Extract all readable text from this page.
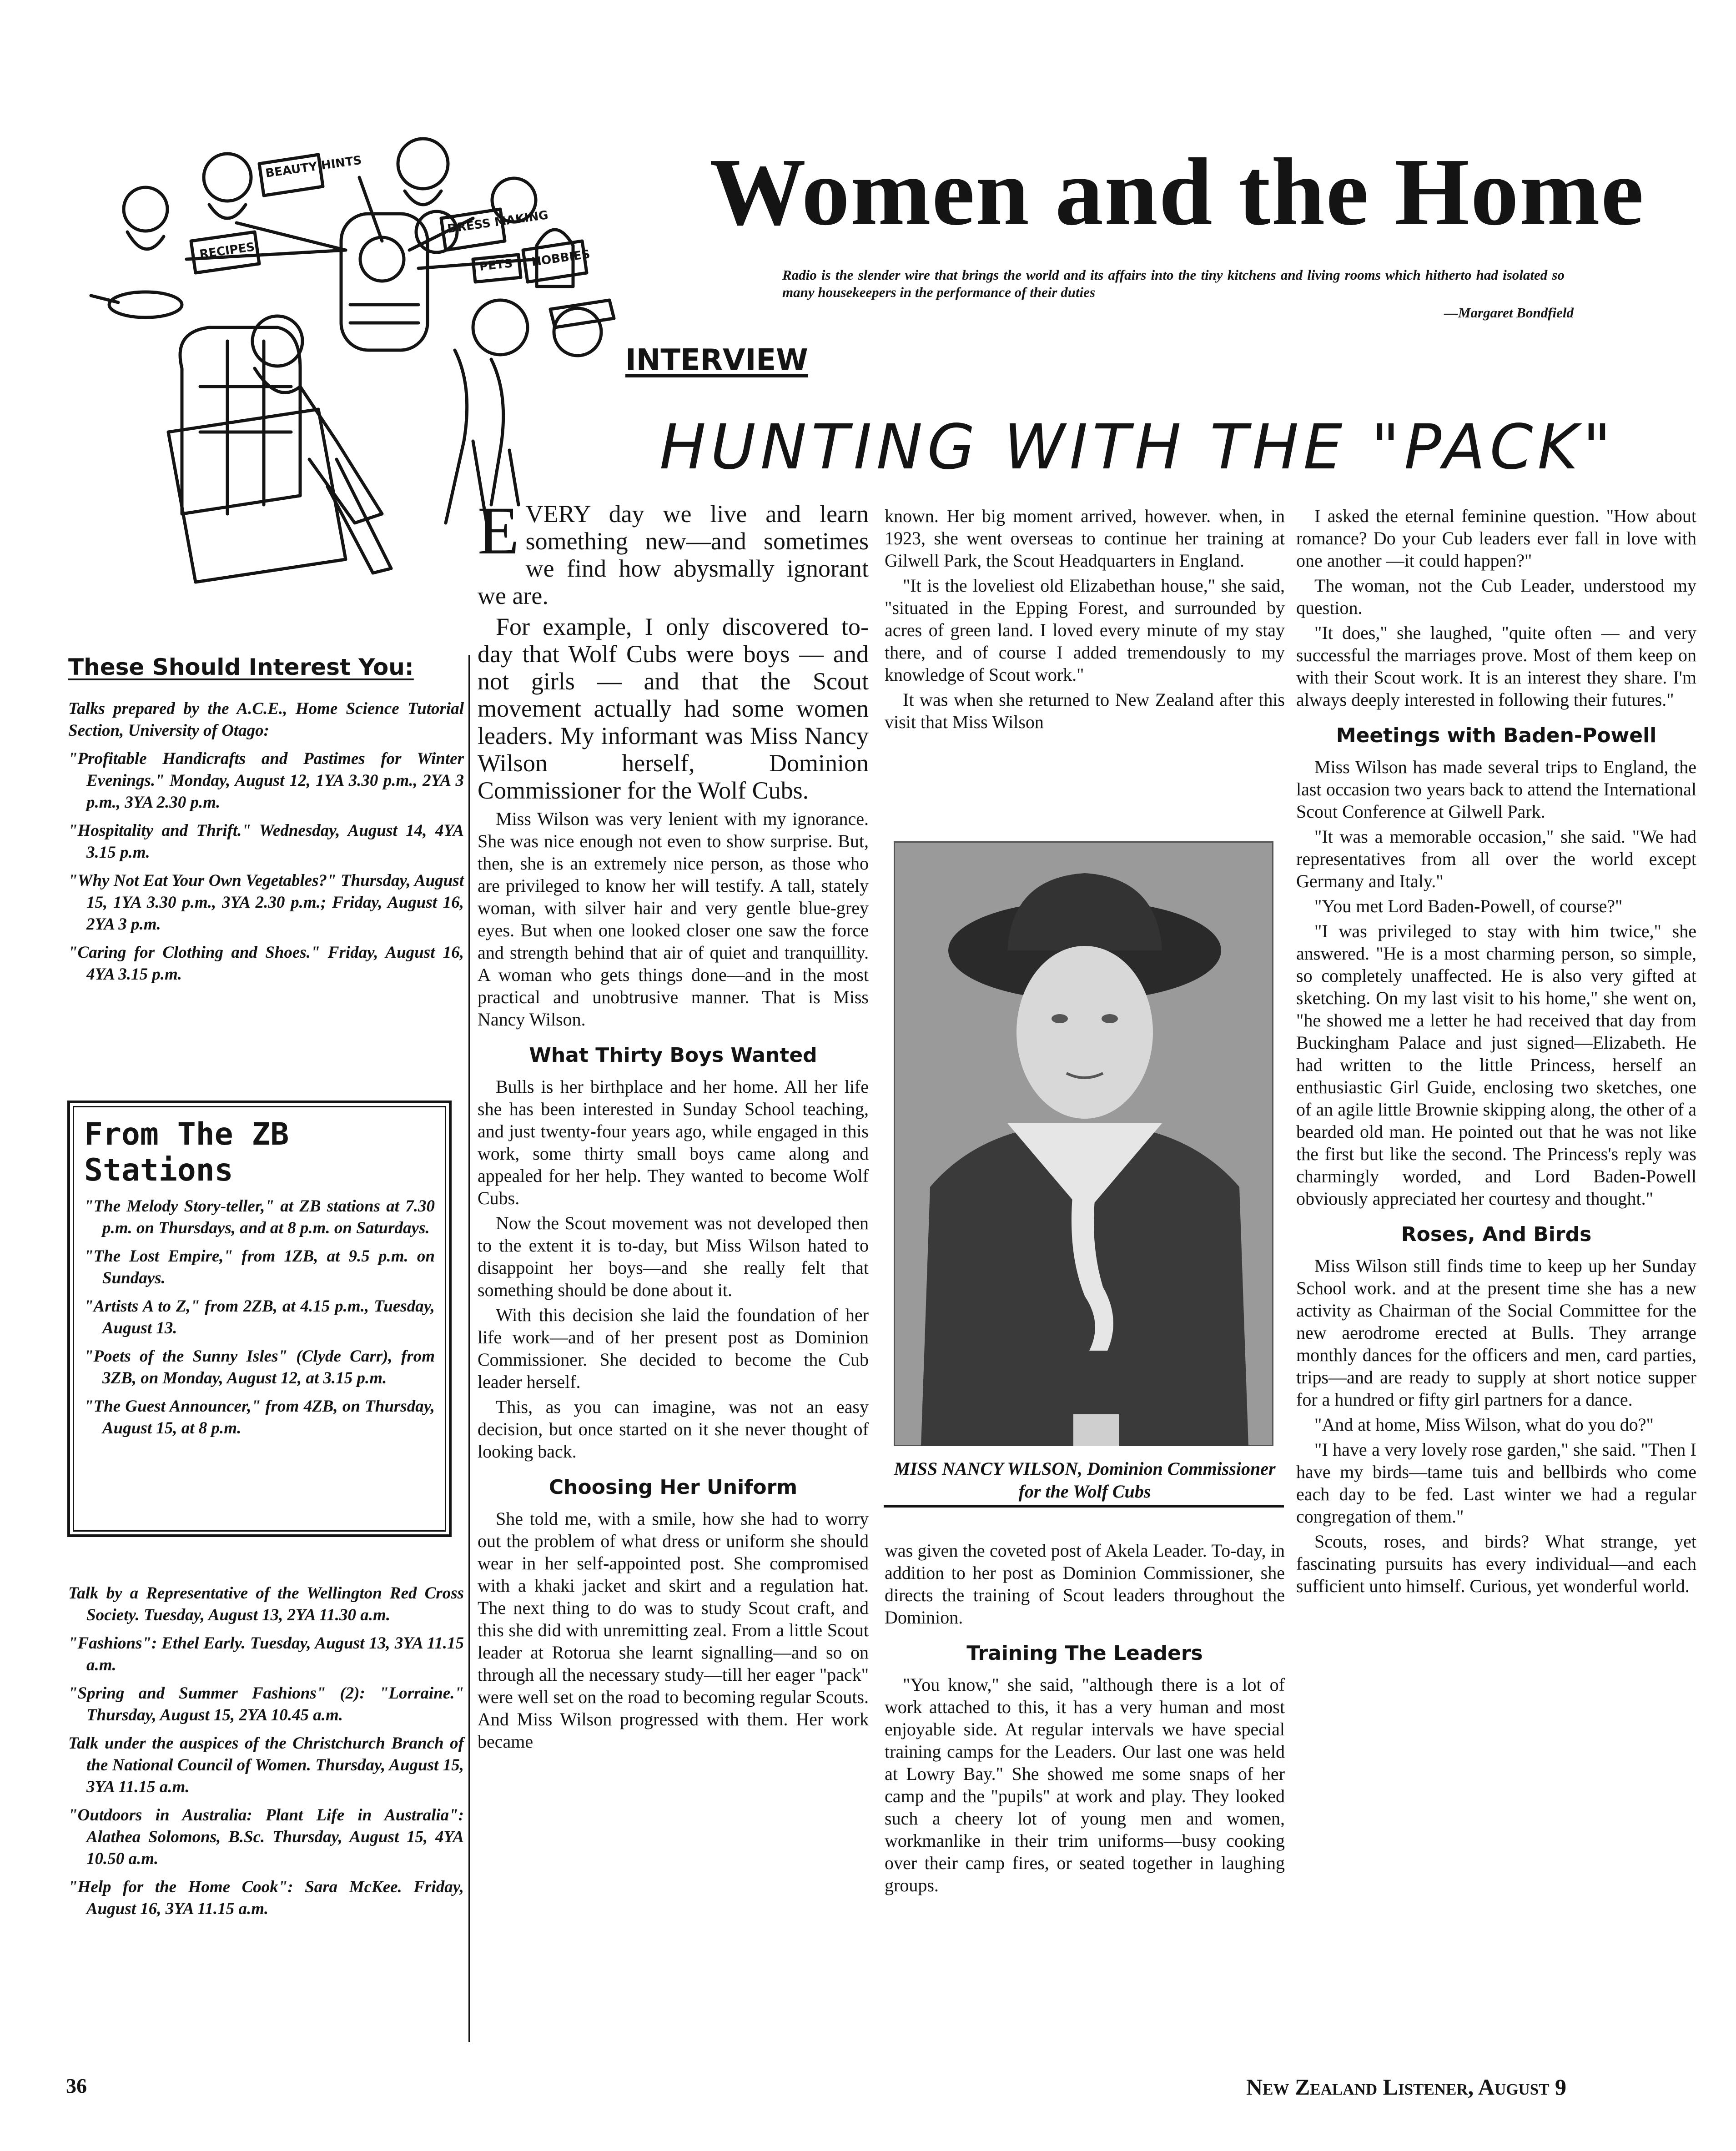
BEAUTY HINTS
RECIPES
DRESS MAKING
PETS HOBBIES
Women and the Home
Radio is the slender wire that brings the world and its affairs into the tiny kitchens and living rooms which hitherto had isolated so many housekeepers in the performance of their duties
—Margaret Bondfield
INTERVIEW
HUNTING WITH THE "PACK"
These Should Interest You:

Talks prepared by the A.C.E., Home Science Tutorial Section, University of Otago:

"Profitable Handicrafts and Pastimes for Winter Evenings." Monday, August 12, 1YA 3.30 p.m., 2YA 3 p.m., 3YA 2.30 p.m.

"Hospitality and Thrift." Wednesday, August 14, 4YA 3.15 p.m.

"Why Not Eat Your Own Vegetables?" Thursday, August 15, 1YA 3.30 p.m., 3YA 2.30 p.m.; Friday, August 16, 2YA 3 p.m.

"Caring for Clothing and Shoes." Friday, August 16, 4YA 3.15 p.m.

From The ZB Stations

"The Melody Story-teller," at ZB stations at 7.30 p.m. on Thursdays, and at 8 p.m. on Saturdays.

"The Lost Empire," from 1ZB, at 9.5 p.m. on Sundays.

"Artists A to Z," from 2ZB, at 4.15 p.m., Tuesday, August 13.

"Poets of the Sunny Isles" (Clyde Carr), from 3ZB, on Monday, August 12, at 3.15 p.m.

"The Guest Announcer," from 4ZB, on Thursday, August 15, at 8 p.m.

Talk by a Representative of the Wellington Red Cross Society. Tuesday, August 13, 2YA 11.30 a.m.

"Fashions": Ethel Early. Tuesday, August 13, 3YA 11.15 a.m.

"Spring and Summer Fashions" (2): "Lorraine." Thursday, August 15, 2YA 10.45 a.m.

Talk under the auspices of the Christchurch Branch of the National Council of Women. Thursday, August 15, 3YA 11.15 a.m.

"Outdoors in Australia: Plant Life in Australia": Alathea Solomons, B.Sc. Thursday, August 15, 4YA 10.50 a.m.

"Help for the Home Cook": Sara McKee. Friday, August 16, 3YA 11.15 a.m.

EVERY day we live and learn something new—and sometimes we find how abysmally ignorant we are.

For example, I only discovered to-day that Wolf Cubs were boys — and not girls — and that the Scout movement actually had some women leaders. My informant was Miss Nancy Wilson herself, Dominion Commissioner for the Wolf Cubs.

Miss Wilson was very lenient with my ignorance. She was nice enough not even to show surprise. But, then, she is an extremely nice person, as those who are privileged to know her will testify. A tall, stately woman, with silver hair and very gentle blue-grey eyes. But when one looked closer one saw the force and strength behind that air of quiet and tranquillity. A woman who gets things done—and in the most practical and unobtrusive manner. That is Miss Nancy Wilson.

What Thirty Boys Wanted

Bulls is her birthplace and her home. All her life she has been interested in Sunday School teaching, and just twenty-four years ago, while engaged in this work, some thirty small boys came along and appealed for her help. They wanted to become Wolf Cubs.

Now the Scout movement was not developed then to the extent it is to-day, but Miss Wilson hated to disappoint her boys—and she really felt that something should be done about it.

With this decision she laid the foundation of her life work—and of her present post as Dominion Commissioner. She decided to become the Cub leader herself.

This, as you can imagine, was not an easy decision, but once started on it she never thought of looking back.

Choosing Her Uniform

She told me, with a smile, how she had to worry out the problem of what dress or uniform she should wear in her self-appointed post. She compromised with a khaki jacket and skirt and a regulation hat. The next thing to do was to study Scout craft, and this she did with unremitting zeal. From a little Scout leader at Rotorua she learnt signalling—and so on through all the necessary study—till her eager "pack" were well set on the road to becoming regular Scouts. And Miss Wilson progressed with them. Her work became

known. Her big moment arrived, however. when, in 1923, she went overseas to continue her training at Gilwell Park, the Scout Headquarters in England.

"It is the loveliest old Elizabethan house," she said, "situated in the Epping Forest, and surrounded by acres of green land. I loved every minute of my stay there, and of course I added tremendously to my knowledge of Scout work."

It was when she returned to New Zealand after this visit that Miss Wilson

MISS NANCY WILSON, Dominion Commissioner for the Wolf Cubs

was given the coveted post of Akela Leader. To-day, in addition to her post as Dominion Commissioner, she directs the training of Scout leaders throughout the Dominion.

Training The Leaders

"You know," she said, "although there is a lot of work attached to this, it has a very human and most enjoyable side. At regular intervals we have special training camps for the Leaders. Our last one was held at Lowry Bay." She showed me some snaps of her camp and the "pupils" at work and play. They looked such a cheery lot of young men and women, workmanlike in their trim uniforms—busy cooking over their camp fires, or seated together in laughing groups.

I asked the eternal feminine question. "How about romance? Do your Cub leaders ever fall in love with one another —it could happen?"

The woman, not the Cub Leader, understood my question.

"It does," she laughed, "quite often — and very successful the marriages prove. Most of them keep on with their Scout work. It is an interest they share. I'm always deeply interested in following their futures."

Meetings with Baden-Powell

Miss Wilson has made several trips to England, the last occasion two years back to attend the International Scout Conference at Gilwell Park.

"It was a memorable occasion," she said. "We had representatives from all over the world except Germany and Italy."

"You met Lord Baden-Powell, of course?"

"I was privileged to stay with him twice," she answered. "He is a most charming person, so simple, so completely unaffected. He is also very gifted at sketching. On my last visit to his home," she went on, "he showed me a letter he had received that day from Buckingham Palace and just signed—Elizabeth. He had written to the little Princess, herself an enthusiastic Girl Guide, enclosing two sketches, one of an agile little Brownie skipping along, the other of a bearded old man. He pointed out that he was not like the first but like the second. The Princess's reply was charmingly worded, and Lord Baden-Powell obviously appreciated her courtesy and thought."

Roses, And Birds

Miss Wilson still finds time to keep up her Sunday School work. and at the present time she has a new activity as Chairman of the Social Committee for the new aerodrome erected at Bulls. They arrange monthly dances for the officers and men, card parties, trips—and are ready to supply at short notice supper for a hundred or fifty girl partners for a dance.

"And at home, Miss Wilson, what do you do?"

"I have a very lovely rose garden," she said. "Then I have my birds—tame tuis and bellbirds who come each day to be fed. Last winter we had a regular congregation of them."

Scouts, roses, and birds? What strange, yet fascinating pursuits has every individual—and each sufficient unto himself. Curious, yet wonderful world.

36	New Zealand Listener, August 9
